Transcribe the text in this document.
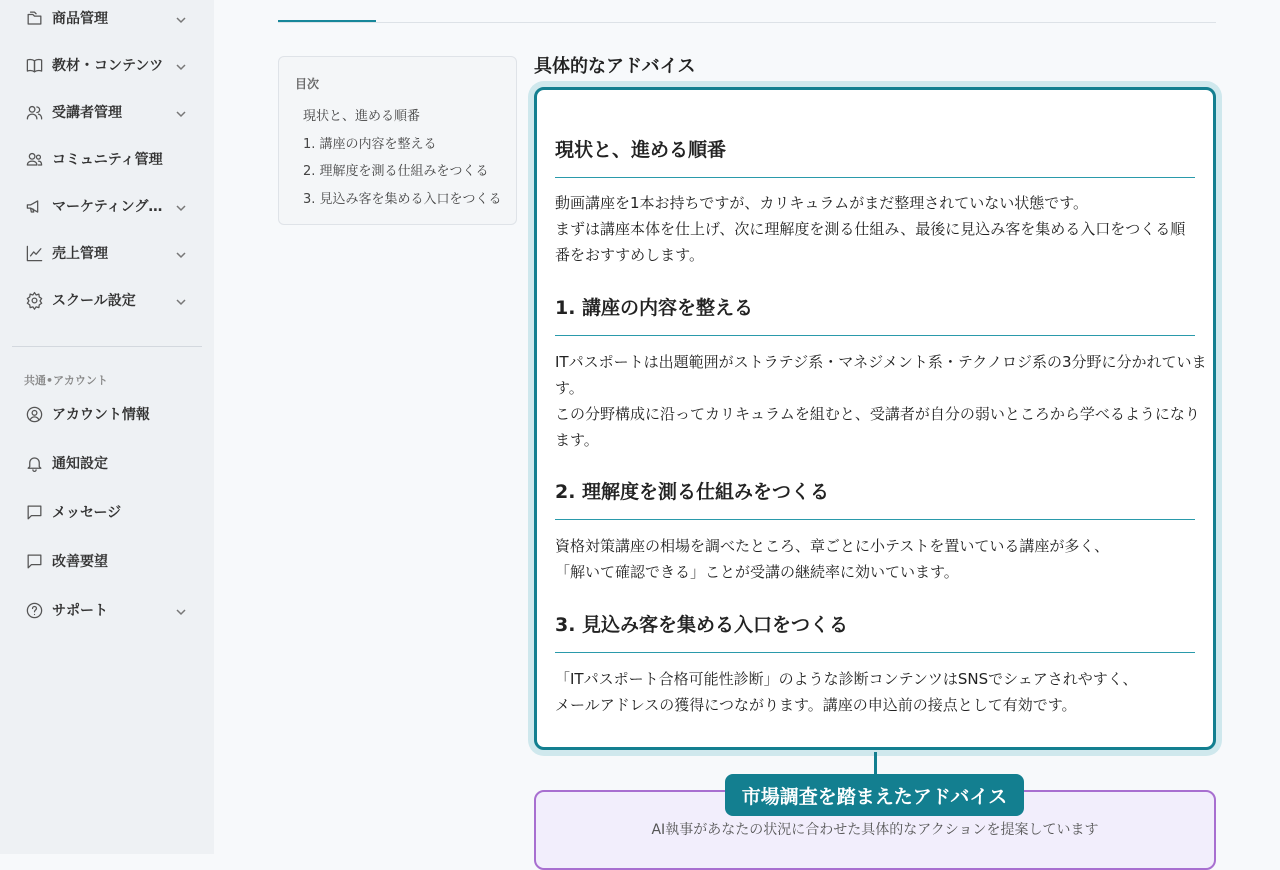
商品管理
教材・コンテンツ
受講者管理
コミュニティ管理
マーケティング…
売上管理
スクール設定
共通•アカウント
アカウント情報
通知設定
メッセージ
改善要望
サポート
目次
現状と、進める順番
1. 講座の内容を整える
2. 理解度を測る仕組みをつくる
3. 見込み客を集める入口をつくる
具体的なアドバイス
現状と、進める順番
動画講座を1本お持ちですが、カリキュラムがまだ整理されていない状態です。
まずは講座本体を仕上げ、次に理解度を測る仕組み、最後に見込み客を集める入口をつくる順
番をおすすめします。
1. 講座の内容を整える
ITパスポートは出題範囲がストラテジ系・マネジメント系・テクノロジ系の3分野に分かれていま
す。
この分野構成に沿ってカリキュラムを組むと、受講者が自分の弱いところから学べるようになり
ます。
2. 理解度を測る仕組みをつくる
資格対策講座の相場を調べたところ、章ごとに小テストを置いている講座が多く、
「解いて確認できる」ことが受講の継続率に効いています。
3. 見込み客を集める入口をつくる
「ITパスポート合格可能性診断」のような診断コンテンツはSNSでシェアされやすく、
メールアドレスの獲得につながります。講座の申込前の接点として有効です。
市場調査を踏まえたアドバイス
AI執事があなたの状況に合わせた具体的なアクションを提案しています
